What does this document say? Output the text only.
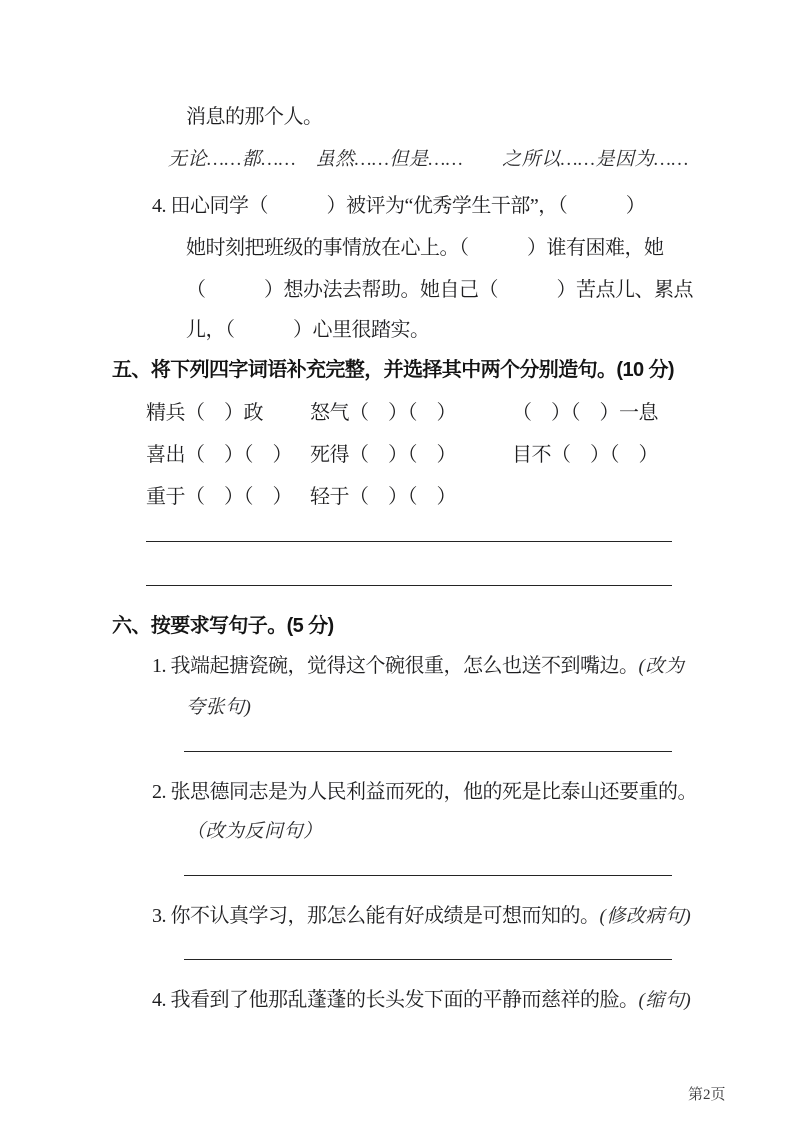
消息的那个人。
无论……都……　虽然……但是……　　之所以……是因为……
4. 田心同学（　　　）被评为“优秀学生干部”，（　　　）
她时刻把班级的事情放在心上。（　　　）谁有困难，她
（　　　）想办法去帮助。她自己（　　　）苦点儿、累点
儿，（　　　）心里很踏实。
五、将下列四字词语补充完整，并选择其中两个分别造句。(10 分)
精兵（　）政 怒气（　）（　）	（　）（　）一息
喜出（　）（　） 死得（　）（　）	目不（　）（　）
重于（　）（　） 轻于（　）（　）
六、按要求写句子。(5 分)
1. 我端起搪瓷碗，觉得这个碗很重，怎么也送不到嘴边。(改为
夸张句)
2. 张思德同志是为人民利益而死的，他的死是比泰山还要重的。
（改为反问句）
3. 你不认真学习，那怎么能有好成绩是可想而知的。(修改病句)
4. 我看到了他那乱蓬蓬的长头发下面的平静而慈祥的脸。(缩句)
第2页
